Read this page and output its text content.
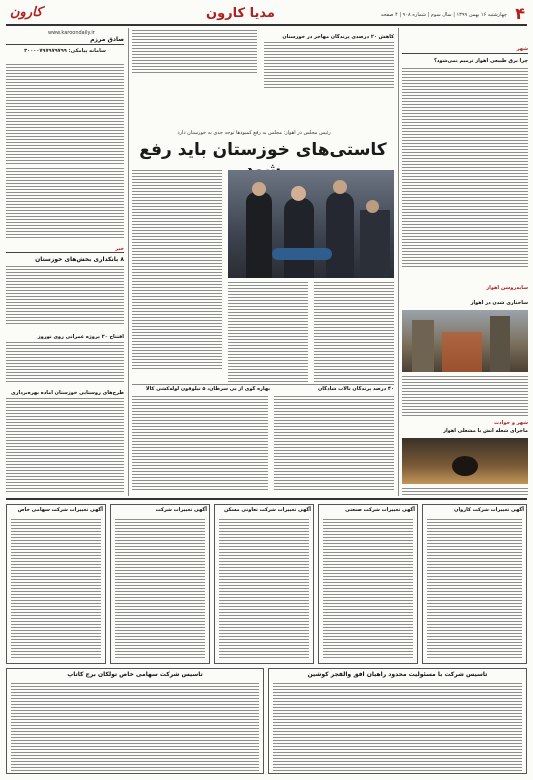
۴
چهارشنبه ۱۶ بهمن ۱۳۹۹ | سال سوم | شماره ۹۰۸ | ۴ صفحه
مدیا کارون
کارون
www.karoondaily.ir
صادق مرزم
سامانه پیامکی: ۳۰۰۰۰۷۹۷۹۷۹۷۹۹
خبر
۸ بانکداری بخش‌های خوزستان
افتتاح ۲۰ پروژه عمرانی روی نوروز
طرح‌های روستایی خوزستان آماده بهره‌برداری
کاهش ۲۰ درصدی پرندگان مهاجر در خوزستان
رئیس مجلس در اهواز: مجلس به رفع کمبودها توجه جدی به خوزستان دارد
کاستی‌های خوزستان باید رفع
۴۰ درصد پرندگان تالاب شادگان
بهاره گوی از بی سرطان، ۵ تیلوفون لوله‌کشی کالا
شهر
چرا برق طبیعی اهواز ترمیم نمی‌شود؟
سایه‌روشن اهواز
ساختاری شدن در اهواز
شهر و حوادث
ماجرای شعله آتش با مشعلی اهواز
آگهی تغییرات شرکت سهامی خاص	آگهی تغییرات شرکت	آگهی تغییرات شرکت تعاونی مسکن	آگهی تغییرات شرکت صنعتی	آگهی تغییرات شرکت کاروان
تاسیس شرکت سهامی خاص تولکان برج کاتاپ	تاسیس شرکت با مسئولیت محدود راهیان افق والفجر کوشین
